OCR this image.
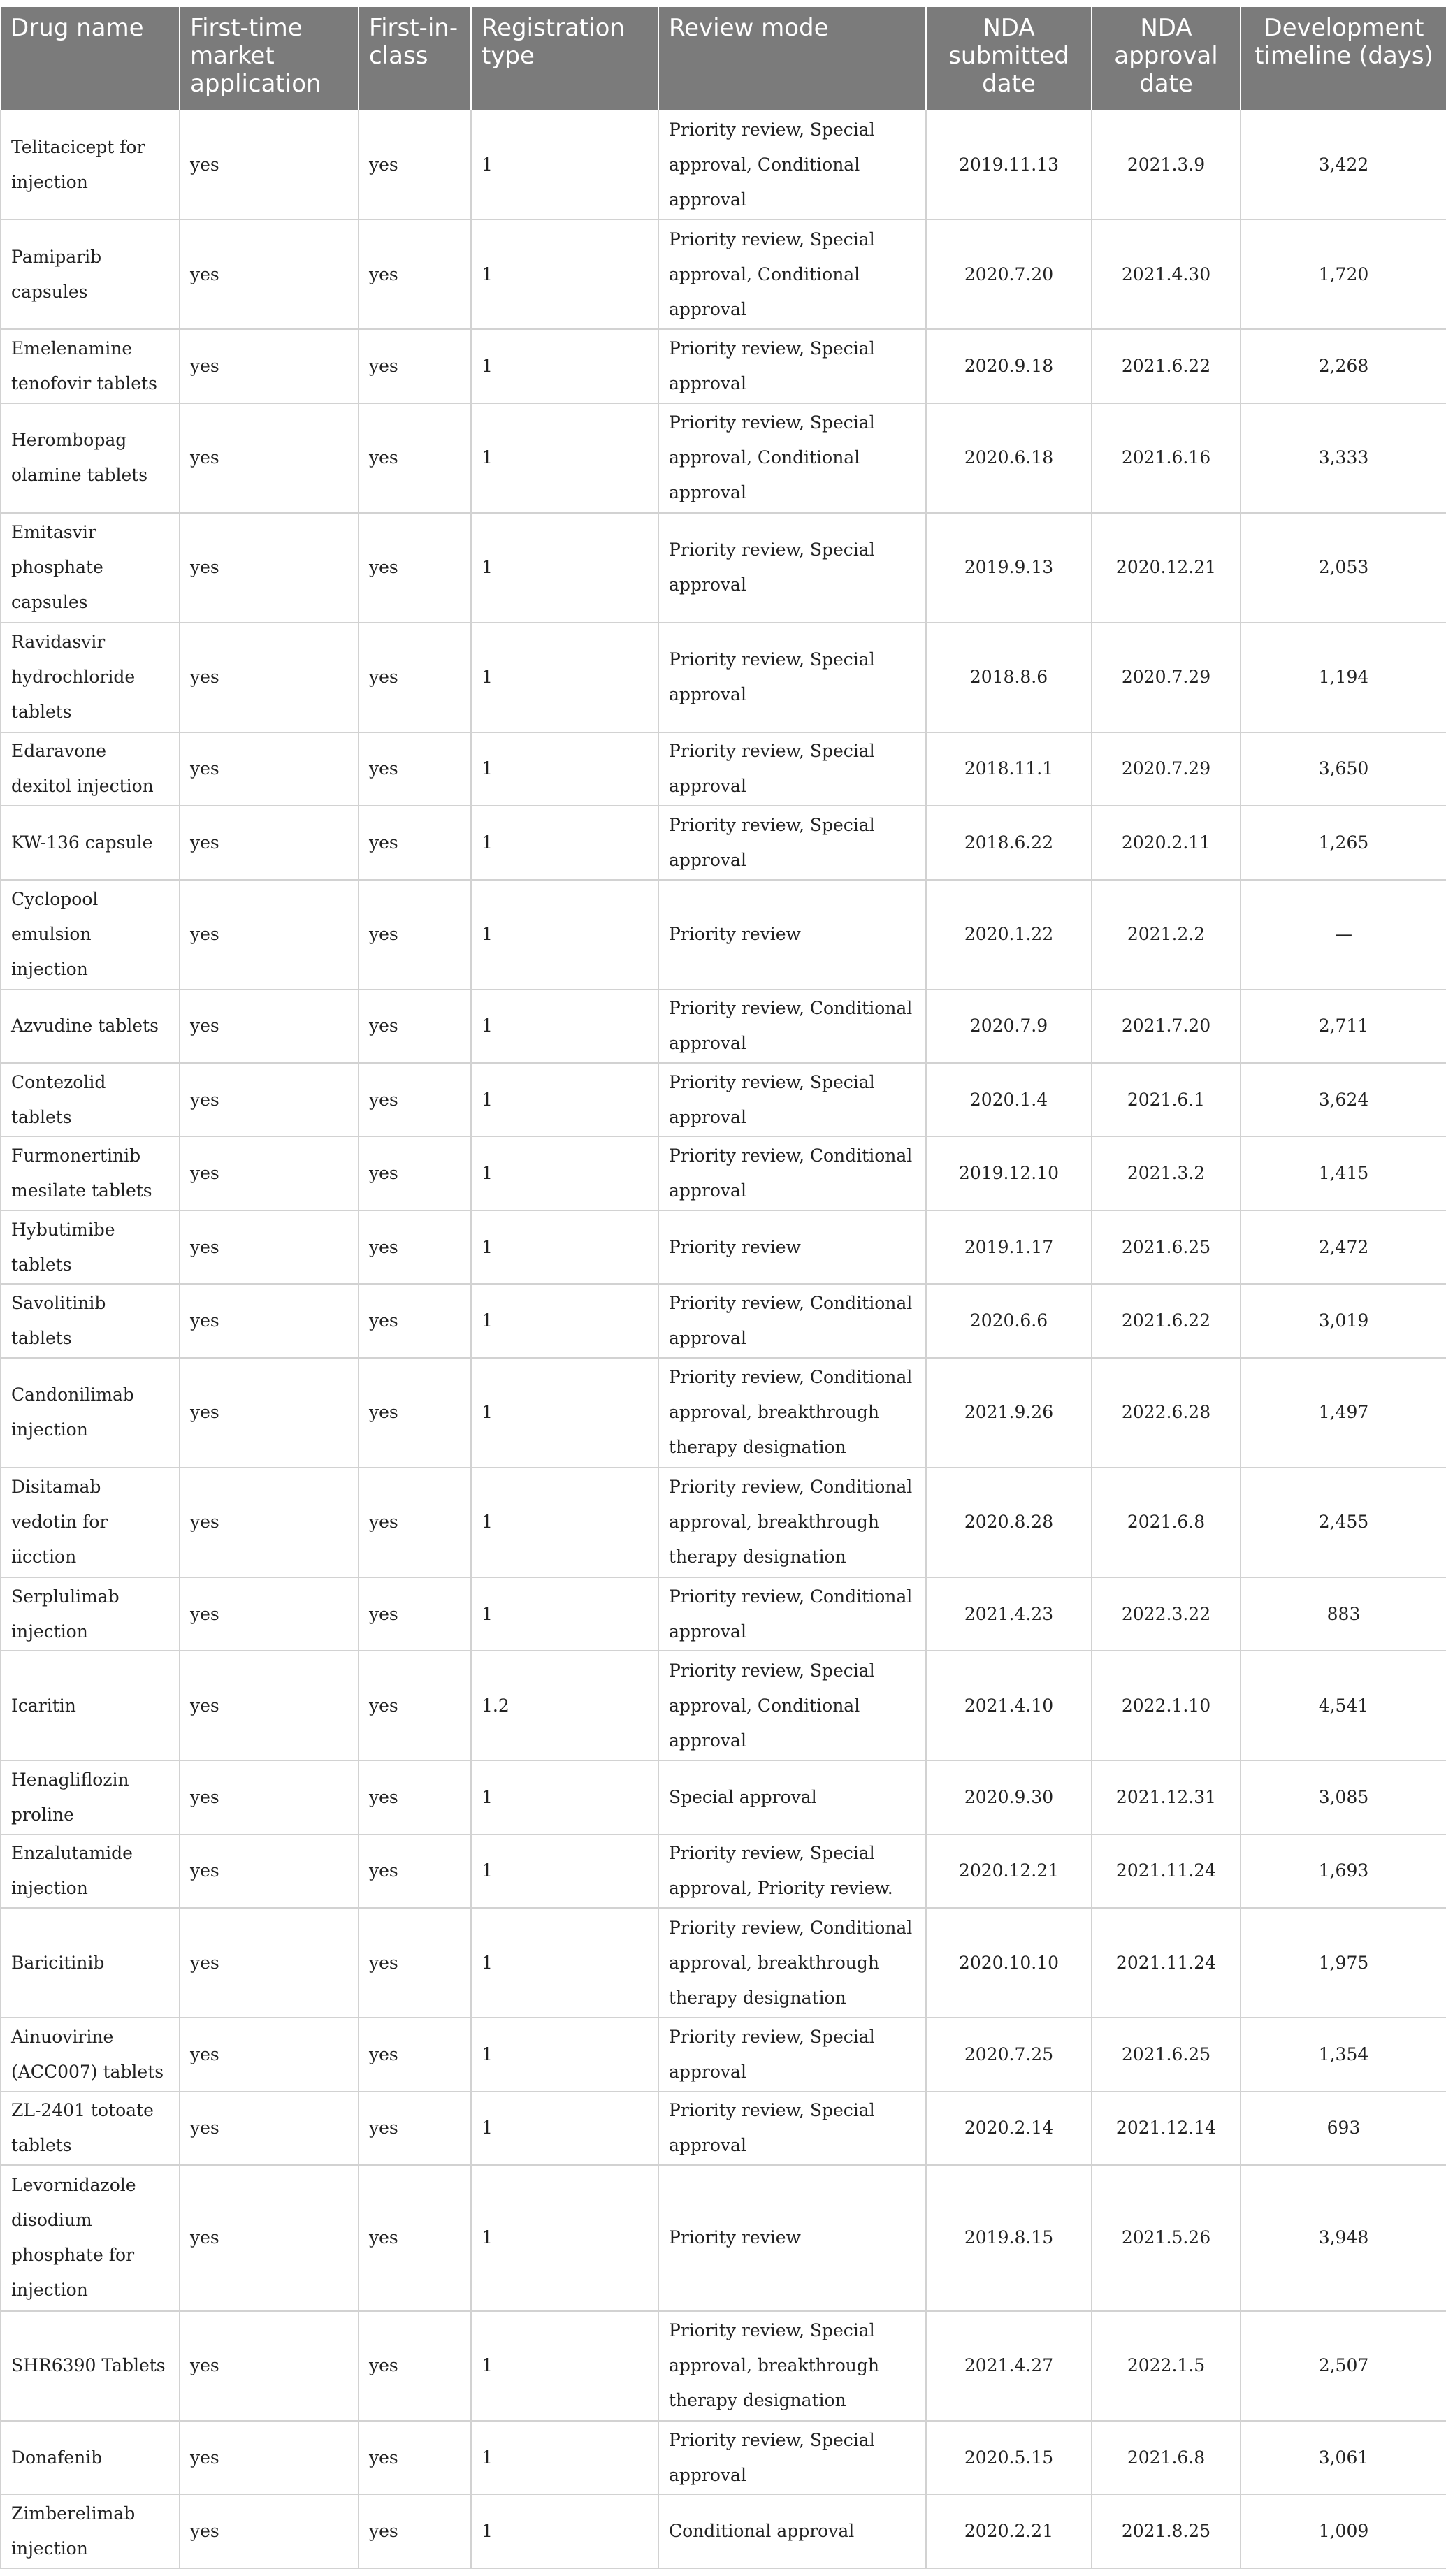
Drug name	First-time market application	First-in-class	Registration type	Review mode	NDA submitted date	NDA approval date	Development timeline (days)
Telitacicept for injection	yes	yes	1	Priority review, Special approval, Conditional approval	2019.11.13	2021.3.9	3,422
Pamiparib capsules	yes	yes	1	Priority review, Special approval, Conditional approval	2020.7.20	2021.4.30	1,720
Emelenamine tenofovir tablets	yes	yes	1	Priority review, Special approval	2020.9.18	2021.6.22	2,268
Herombopag olamine tablets	yes	yes	1	Priority review, Special approval, Conditional approval	2020.6.18	2021.6.16	3,333
Emitasvir phosphate capsules	yes	yes	1	Priority review, Special approval	2019.9.13	2020.12.21	2,053
Ravidasvir hydrochloride tablets	yes	yes	1	Priority review, Special approval	2018.8.6	2020.7.29	1,194
Edaravone dexitol injection	yes	yes	1	Priority review, Special approval	2018.11.1	2020.7.29	3,650
KW-136 capsule	yes	yes	1	Priority review, Special approval	2018.6.22	2020.2.11	1,265
Cyclopool emulsion injection	yes	yes	1	Priority review	2020.1.22	2021.2.2	—
Azvudine tablets	yes	yes	1	Priority review, Conditional approval	2020.7.9	2021.7.20	2,711
Contezolid tablets	yes	yes	1	Priority review, Special approval	2020.1.4	2021.6.1	3,624
Furmonertinib mesilate tablets	yes	yes	1	Priority review, Conditional approval	2019.12.10	2021.3.2	1,415
Hybutimibe tablets	yes	yes	1	Priority review	2019.1.17	2021.6.25	2,472
Savolitinib tablets	yes	yes	1	Priority review, Conditional approval	2020.6.6	2021.6.22	3,019
Candonilimab injection	yes	yes	1	Priority review, Conditional approval, breakthrough therapy designation	2021.9.26	2022.6.28	1,497
Disitamab vedotin for iicction	yes	yes	1	Priority review, Conditional approval, breakthrough therapy designation	2020.8.28	2021.6.8	2,455
Serplulimab injection	yes	yes	1	Priority review, Conditional approval	2021.4.23	2022.3.22	883
Icaritin	yes	yes	1.2	Priority review, Special approval, Conditional approval	2021.4.10	2022.1.10	4,541
Henagliflozin proline	yes	yes	1	Special approval	2020.9.30	2021.12.31	3,085
Enzalutamide injection	yes	yes	1	Priority review, Special approval, Priority review.	2020.12.21	2021.11.24	1,693
Baricitinib	yes	yes	1	Priority review, Conditional approval, breakthrough therapy designation	2020.10.10	2021.11.24	1,975
Ainuovirine (ACC007) tablets	yes	yes	1	Priority review, Special approval	2020.7.25	2021.6.25	1,354
ZL-2401 totoate tablets	yes	yes	1	Priority review, Special approval	2020.2.14	2021.12.14	693
Levornidazole disodium phosphate for injection	yes	yes	1	Priority review	2019.8.15	2021.5.26	3,948
SHR6390 Tablets	yes	yes	1	Priority review, Special approval, breakthrough therapy designation	2021.4.27	2022.1.5	2,507
Donafenib	yes	yes	1	Priority review, Special approval	2020.5.15	2021.6.8	3,061
Zimberelimab injection	yes	yes	1	Conditional approval	2020.2.21	2021.8.25	1,009
